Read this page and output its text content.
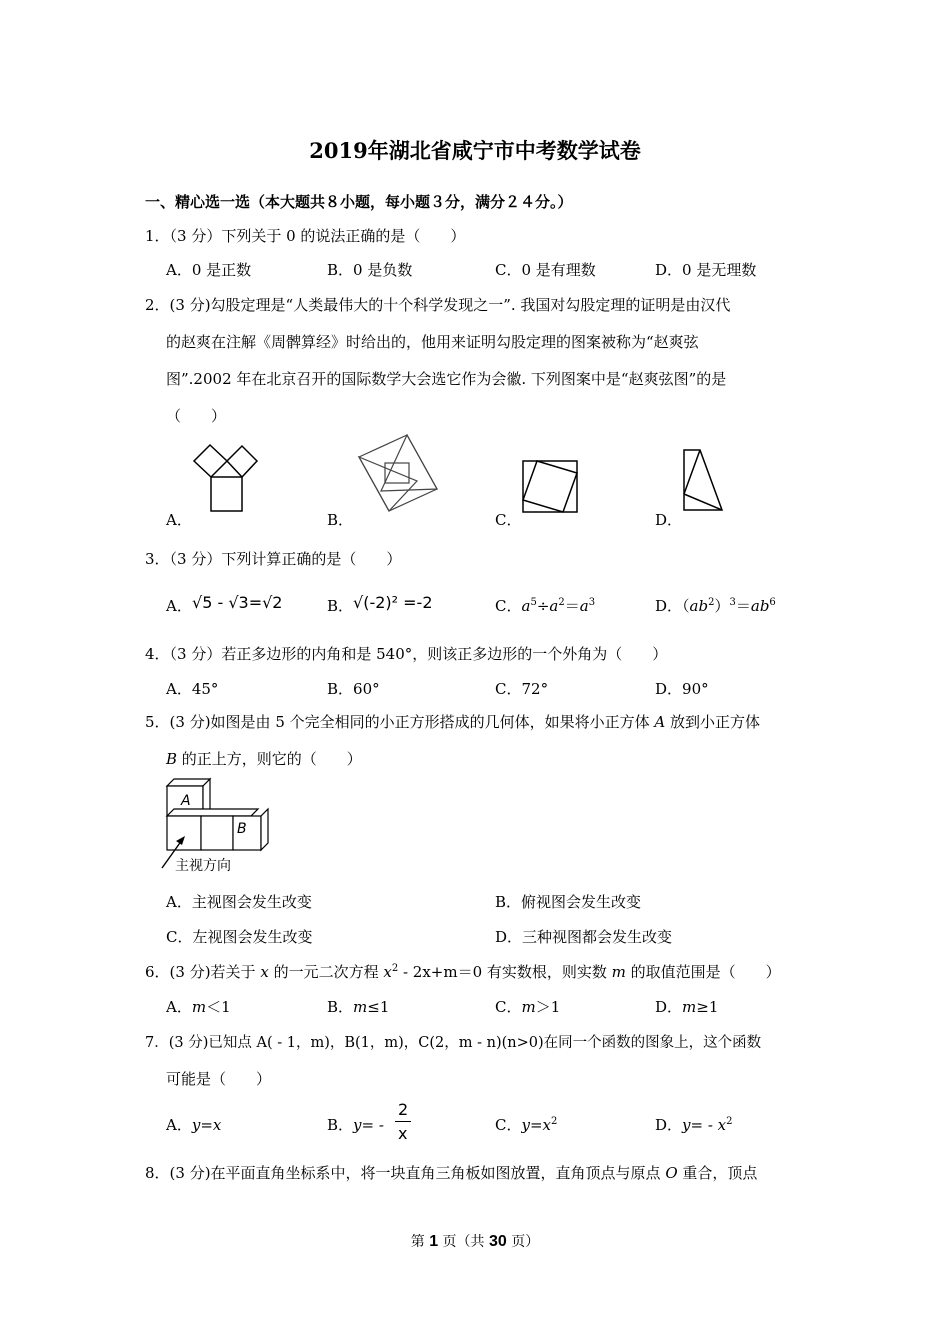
2019年湖北省咸宁市中考数学试卷
一、精心选一选（本大题共８小题，每小题３分，满分２４分。）
1．（3 分）下列关于 0 的说法正确的是（　　）
A．0 是正数	B．0 是负数	C．0 是有理数	D．0 是无理数
2．(3 分)勾股定理是“人类最伟大的十个科学发现之一”. 我国对勾股定理的证明是由汉代
的赵爽在注解《周髀算经》时给出的，他用来证明勾股定理的图案被称为“赵爽弦
图”.2002 年在北京召开的国际数学大会选它作为会徽. 下列图案中是“赵爽弦图”的是
（　　）
A．	B．	C．	D．
3．（3 分）下列计算正确的是（　　）
A． √5 - √3=√2	B． √(-2)² =-2	C．$a^5\div a^2=a^3$	D．$(ab^2)^3=ab^6$
4．（3 分）若正多边形的内角和是 540°，则该正多边形的一个外角为（　　）
A．45°	B．60°	C．72°	D．90°
5．(3 分)如图是由 5 个完全相同的小正方形搭成的几何体，如果将小正方体 A 放到小正方体
B 的正上方，则它的（　　）
A
B
主视方向
A．主视图会发生改变	B．俯视图会发生改变
C．左视图会发生改变	D．三种视图都会发生改变
6．(3 分)若关于 x 的一元二次方程 $x^2 - 2x+m=0$ 有实数根，则实数 m 的取值范围是（　　）
A．m＜1	B．m≤1	C．m＞1	D．m≥1
7．(3 分)已知点 A( - 1，m)，B(1，m)，C(2，m - n)(n>0)在同一个函数的图象上，这个函数
可能是（　　）
A．y=x	B．y= -
2
x	C．$y=x^2$	D．$y= - x^2$
8．(3 分)在平面直角坐标系中，将一块直角三角板如图放置，直角顶点与原点 O 重合，顶点
第 1 页（共 30 页）
